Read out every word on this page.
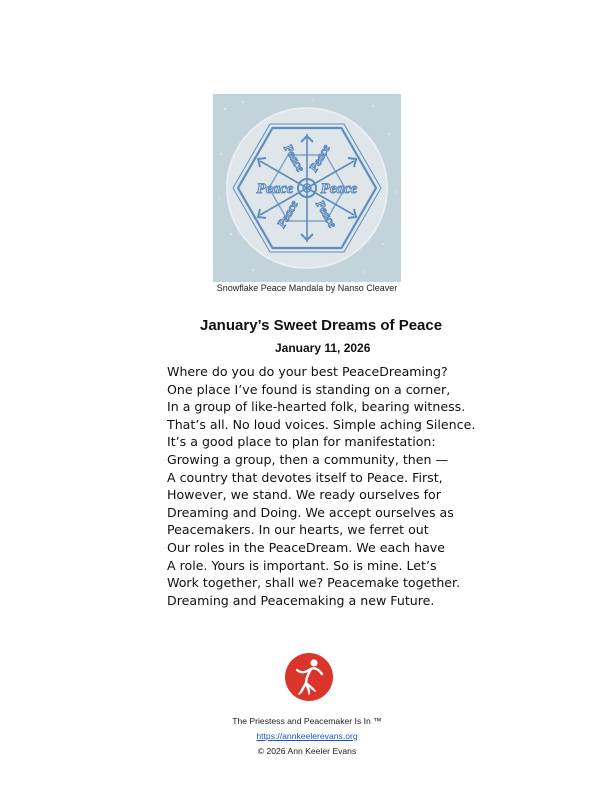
Peace Peace
Peace
Peace
Peace
Peace
Snowflake Peace Mandala by Nanso Cleaver
January’s Sweet Dreams of Peace
January 11, 2026
Where do you do your best PeaceDreaming?
One place I’ve found is standing on a corner,
In a group of like-hearted folk, bearing witness.
That’s all. No loud voices. Simple aching Silence.
It’s a good place to plan for manifestation:
Growing a group, then a community, then —
A country that devotes itself to Peace. First,
However, we stand. We ready ourselves for
Dreaming and Doing. We accept ourselves as
Peacemakers. In our hearts, we ferret out
Our roles in the PeaceDream. We each have
A role. Yours is important. So is mine. Let’s
Work together, shall we? Peacemake together.
Dreaming and Peacemaking a new Future.
The Priestess and Peacemaker Is In ™
https://annkeelerevans.org
© 2026 Ann Keeler Evans
